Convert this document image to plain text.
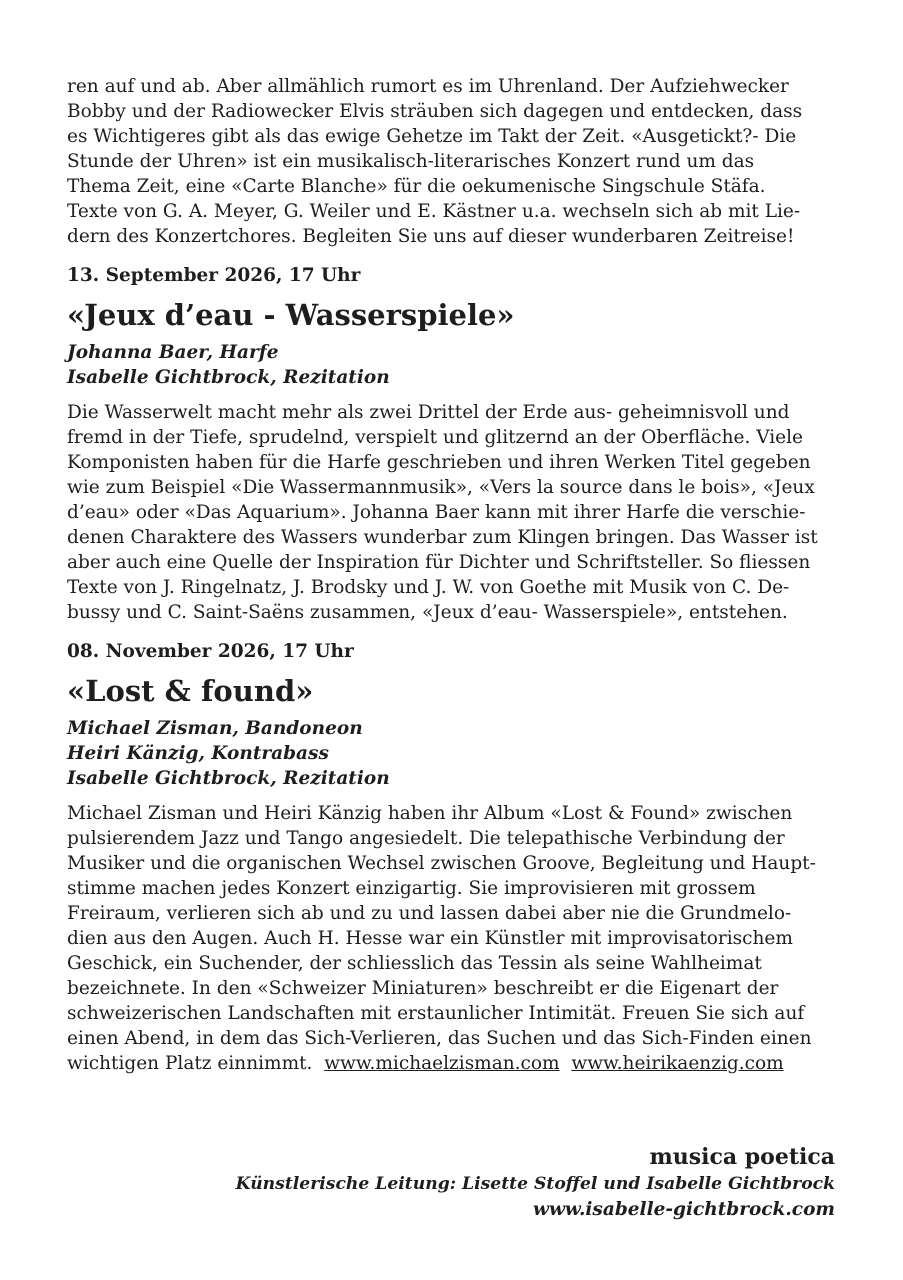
ren auf und ab. Aber allmählich rumort es im Uhrenland. Der Aufziehwecker
Bobby und der Radiowecker Elvis sträuben sich dagegen und entdecken, dass
es Wichtigeres gibt als das ewige Gehetze im Takt der Zeit. «Ausgetickt?- Die
Stunde der Uhren» ist ein musikalisch-literarisches Konzert rund um das
Thema Zeit, eine «Carte Blanche» für die oekumenische Singschule Stäfa.
Texte von G. A. Meyer, G. Weiler und E. Kästner u.a. wechseln sich ab mit Lie-
dern des Konzertchores. Begleiten Sie uns auf dieser wunderbaren Zeitreise!

13. September 2026, 17 Uhr
«Jeux d’eau - Wasserspiele»
Johanna Baer, Harfe
Isabelle Gichtbrock, Rezitation

Die Wasserwelt macht mehr als zwei Drittel der Erde aus- geheimnisvoll und
fremd in der Tiefe, sprudelnd, verspielt und glitzernd an der Oberfläche. Viele
Komponisten haben für die Harfe geschrieben und ihren Werken Titel gegeben
wie zum Beispiel «Die Wassermannmusik», «Vers la source dans le bois», «Jeux
d’eau» oder «Das Aquarium». Johanna Baer kann mit ihrer Harfe die verschie-
denen Charaktere des Wassers wunderbar zum Klingen bringen. Das Wasser ist
aber auch eine Quelle der Inspiration für Dichter und Schriftsteller. So fliessen
Texte von J. Ringelnatz, J. Brodsky und J. W. von Goethe mit Musik von C. De-
bussy und C. Saint-Saëns zusammen, «Jeux d’eau- Wasserspiele», entstehen.

08. November 2026, 17 Uhr
«Lost & found»
Michael Zisman, Bandoneon
Heiri Känzig, Kontrabass
Isabelle Gichtbrock, Rezitation

Michael Zisman und Heiri Känzig haben ihr Album «Lost & Found» zwischen
pulsierendem Jazz und Tango angesiedelt. Die telepathische Verbindung der
Musiker und die organischen Wechsel zwischen Groove, Begleitung und Haupt-
stimme machen jedes Konzert einzigartig. Sie improvisieren mit grossem
Freiraum, verlieren sich ab und zu und lassen dabei aber nie die Grundmelo-
dien aus den Augen. Auch H. Hesse war ein Künstler mit improvisatorischem
Geschick, ein Suchender, der schliesslich das Tessin als seine Wahlheimat
bezeichnete. In den «Schweizer Miniaturen» beschreibt er die Eigenart der
schweizerischen Landschaften mit erstaunlicher Intimität. Freuen Sie sich auf
einen Abend, in dem das Sich-Verlieren, das Suchen und das Sich-Finden einen
wichtigen Platz einnimmt. www.michaelzisman.com www.heirikaenzig.com

musica poetica
Künstlerische Leitung: Lisette Stoffel und Isabelle Gichtbrock
www.isabelle-gichtbrock.com
